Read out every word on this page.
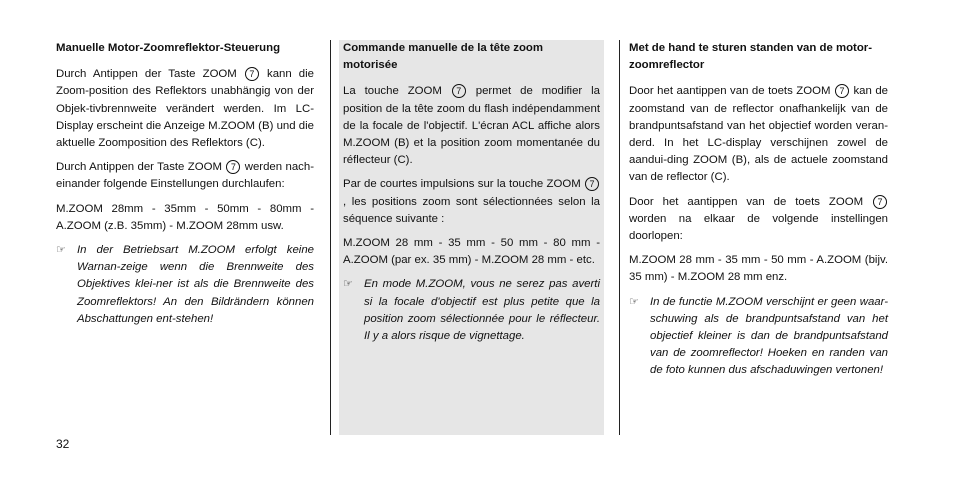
Manuelle Motor-Zoomreflektor-Steuerung

Durch Antippen der Taste ZOOM 7 kann die Zoom-position des Reflektors unabhängig von der Objek-tivbrennweite verändert werden. Im LC-Display erscheint die Anzeige M.ZOOM (B) und die aktuelle Zoomposition des Reflektors (C).

Durch Antippen der Taste ZOOM 7 werden nach-einander folgende Einstellungen durchlaufen:

M.ZOOM 28mm - 35mm - 50mm - 80mm - A.ZOOM (z.B. 35mm) - M.ZOOM 28mm usw.

☞ In der Betriebsart M.ZOOM erfolgt keine Warnan-zeige wenn die Brennweite des Objektives klei-ner ist als die Brennweite des Zoomreflektors! An den Bildrändern können Abschattungen ent-stehen!
Commande manuelle de la tête zoom motorisée

La touche ZOOM 7 permet de modifier la position de la tête zoom du flash indépendamment de la focale de l'objectif. L'écran ACL affiche alors M.ZOOM (B) et la position zoom momentanée du réflecteur (C).

Par de courtes impulsions sur la touche ZOOM 7, les positions zoom sont sélectionnées selon la séquence suivante :

M.ZOOM 28 mm - 35 mm - 50 mm - 80 mm - A.ZOOM (par ex. 35 mm) - M.ZOOM 28 mm - etc.

☞ En mode M.ZOOM, vous ne serez pas averti si la focale d'objectif est plus petite que la position zoom sélectionnée pour le réflecteur. Il y a alors risque de vignettage.
Met de hand te sturen standen van de motor-zoomreflector

Door het aantippen van de toets ZOOM 7 kan de zoomstand van de reflector onafhankelijk van de brandpuntsafstand van het objectief worden veran-derd. In het LC-display verschijnen zowel de aandui-ding ZOOM (B), als de actuele zoomstand van de reflector (C).

Door het aantippen van de toets ZOOM 7 worden na elkaar de volgende instellingen doorlopen:

M.ZOOM 28 mm - 35 mm - 50 mm - A.ZOOM (bijv. 35 mm) - M.ZOOM 28 mm enz.

☞ In de functie M.ZOOM verschijnt er geen waar-schuwing als de brandpuntsafstand van het objectief kleiner is dan de brandpuntsafstand van de zoomreflector! Hoeken en randen van de foto kunnen dus afschaduwingen vertonen!
32
